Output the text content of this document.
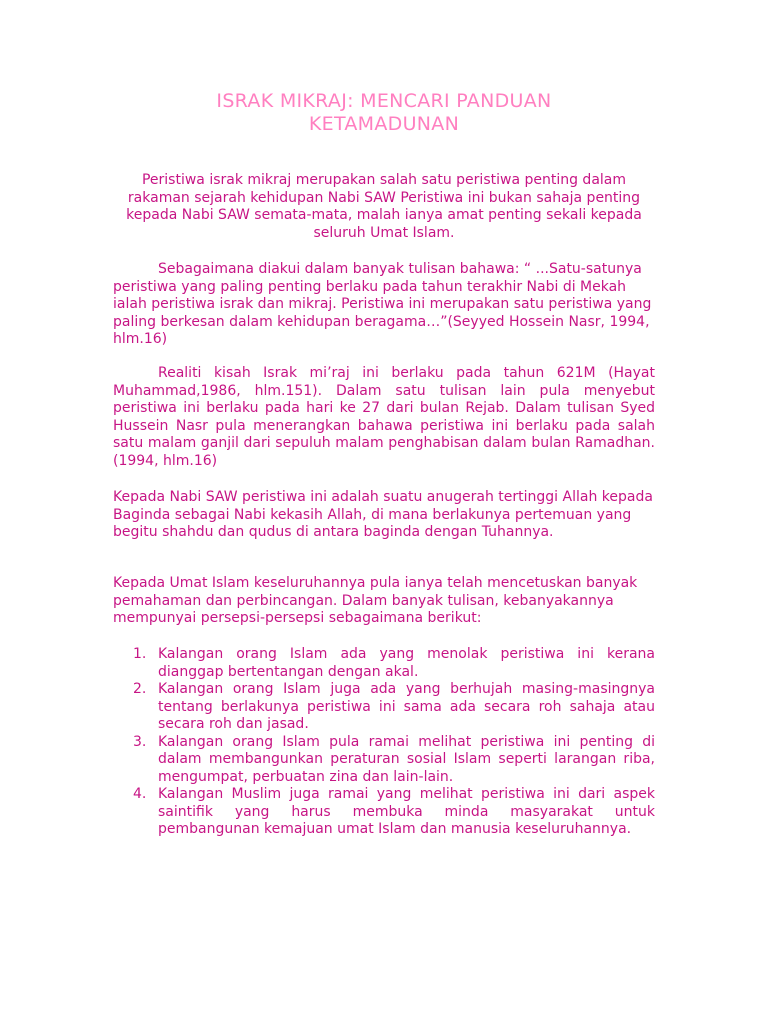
ISRAK MIKRAJ: MENCARI PANDUAN
KETAMADUNAN

Peristiwa israk mikraj merupakan salah satu peristiwa penting dalam rakaman sejarah kehidupan Nabi SAW Peristiwa ini bukan sahaja penting kepada Nabi SAW semata-mata, malah ianya amat penting sekali kepada seluruh Umat Islam.

Sebagaimana diakui dalam banyak tulisan bahawa: “ ...Satu-satunya peristiwa yang paling penting berlaku pada tahun terakhir Nabi di Mekah ialah peristiwa israk dan mikraj. Peristiwa ini merupakan satu peristiwa yang paling berkesan dalam kehidupan beragama…”(Seyyed Hossein Nasr, 1994, hlm.16)

Realiti kisah Israk mi’raj ini berlaku pada tahun 621M (Hayat Muhammad,1986, hlm.151). Dalam satu tulisan lain pula menyebut peristiwa ini berlaku pada hari ke 27 dari bulan Rejab. Dalam tulisan Syed Hussein Nasr pula menerangkan bahawa peristiwa ini berlaku pada salah satu malam ganjil dari sepuluh malam penghabisan dalam bulan Ramadhan. (1994, hlm.16)

Kepada Nabi SAW peristiwa ini adalah suatu anugerah tertinggi Allah kepada Baginda sebagai Nabi kekasih Allah, di mana berlakunya pertemuan yang begitu shahdu dan qudus di antara baginda dengan Tuhannya.

Kepada Umat Islam keseluruhannya pula ianya telah mencetuskan banyak pemahaman dan perbincangan. Dalam banyak tulisan, kebanyakannya mempunyai persepsi-persepsi sebagaimana berikut:

1. Kalangan orang Islam ada yang menolak peristiwa ini kerana dianggap bertentangan dengan akal.
2. Kalangan orang Islam juga ada yang berhujah masing-masingnya tentang berlakunya peristiwa ini sama ada secara roh sahaja atau secara roh dan jasad.
3. Kalangan orang Islam pula ramai melihat peristiwa ini penting di dalam membangunkan peraturan sosial Islam seperti larangan riba, mengumpat, perbuatan zina dan lain-lain.
4. Kalangan Muslim juga ramai yang melihat peristiwa ini dari aspek saintifik yang harus membuka minda masyarakat untuk pembangunan kemajuan umat Islam dan manusia keseluruhannya.
